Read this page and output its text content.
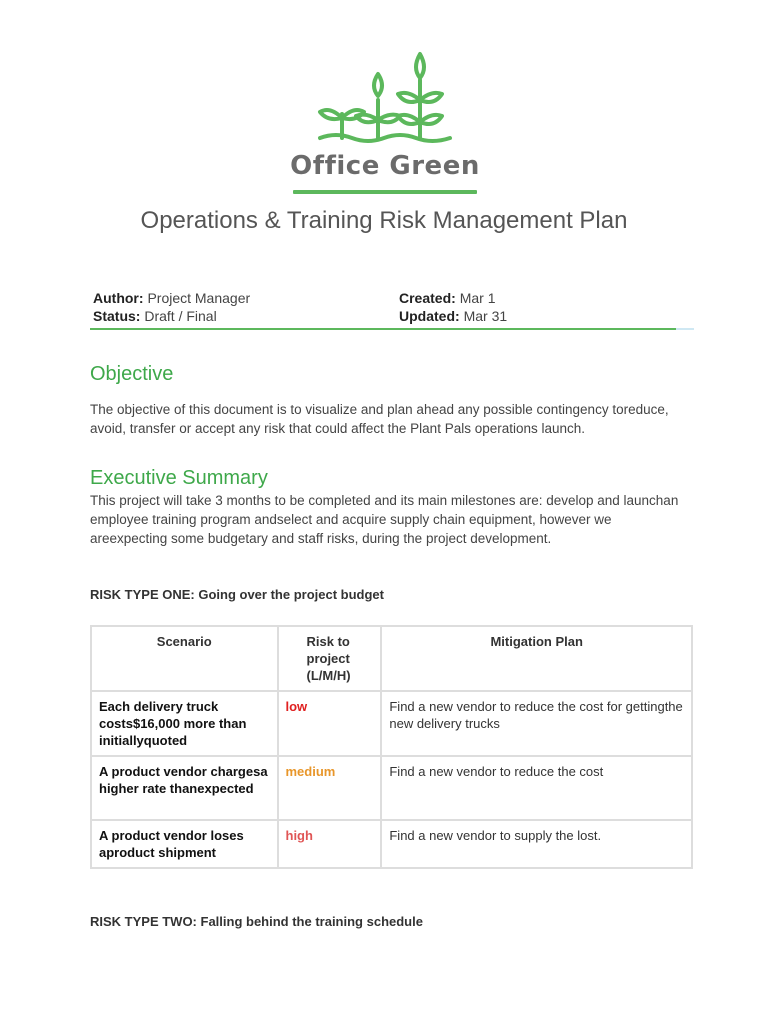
Office Green
Operations & Training Risk Management Plan
Author: Project Manager	Created: Mar 1
Status: Draft / Final	Updated: Mar 31
Objective

The objective of this document is to visualize and plan ahead any possible contingency toreduce, avoid, transfer or accept any risk that could affect the Plant Pals operations launch.

Executive Summary

This project will take 3 months to be completed and its main milestones are: develop and launchan employee training program andselect and acquire supply chain equipment, however we areexpecting some budgetary and staff risks, during the project development.

RISK TYPE ONE: Going over the project budget

Scenario	Risk to project (L/M/H)	Mitigation Plan
Each delivery truck costs$16,000 more than initiallyquoted	low	Find a new vendor to reduce the cost for gettingthe new delivery trucks
A product vendor chargesa higher rate thanexpected	medium	Find a new vendor to reduce the cost
A product vendor loses aproduct shipment	high	Find a new vendor to supply the lost.

RISK TYPE TWO: Falling behind the training schedule
